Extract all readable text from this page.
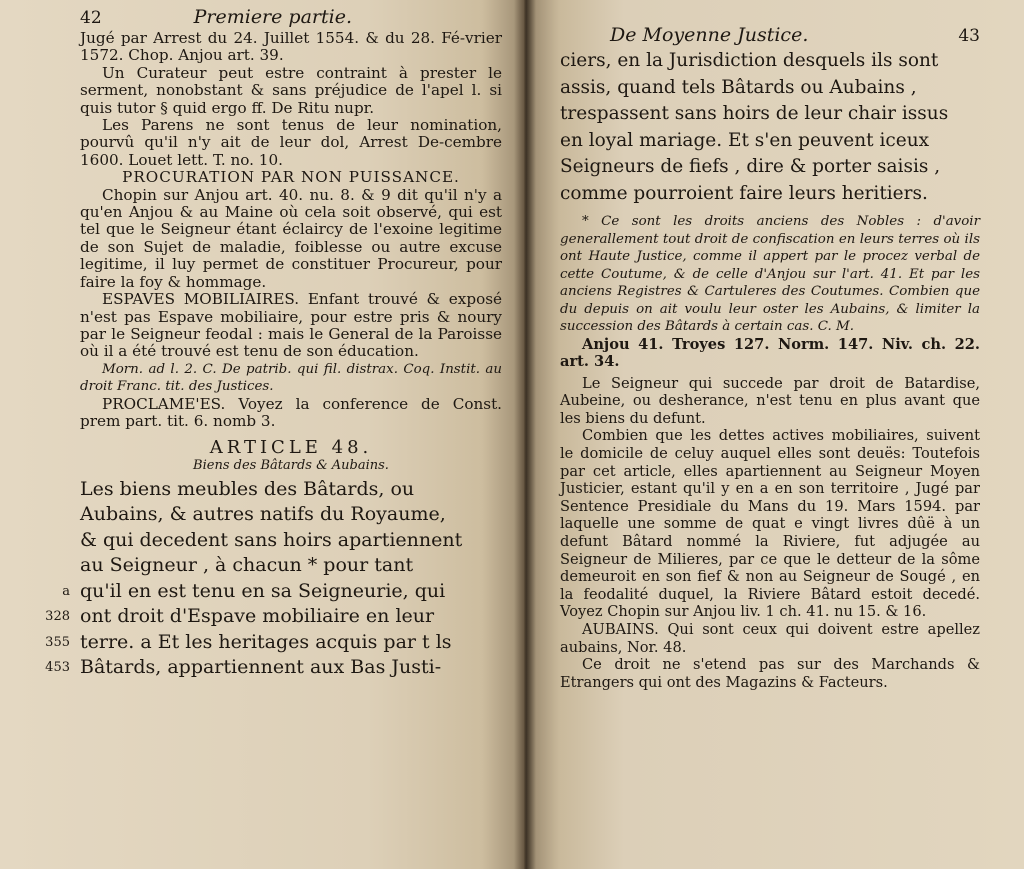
42	Premiere partie.

Jugé par Arrest du 24. Juillet 1554. & du 28. Fé-vrier 1572. Chop. Anjou art. 39.

Un Curateur peut estre contraint à prester le serment, nonobstant & sans préjudice de l'apel l. si quis tutor § quid ergo ff. De Ritu nupr.

Les Parens ne sont tenus de leur nomination, pourvû qu'il n'y ait de leur dol, Arrest De-cembre 1600. Louet lett. T. no. 10.

PROCURATION PAR NON PUISSANCE.

Chopin sur Anjou art. 40. nu. 8. & 9 dit qu'il n'y a qu'en Anjou & au Maine où cela soit observé, qui est tel que le Seigneur étant éclaircy de l'exoine legitime de son Sujet de maladie, foiblesse ou autre excuse legitime, il luy permet de constituer Procureur, pour faire la foy & hommage.

ESPAVES MOBILIAIRES. Enfant trouvé & exposé n'est pas Espave mobiliaire, pour estre pris & noury par le Seigneur feodal : mais le General de la Paroisse où il a été trouvé est tenu de son éducation.

Morn. ad l. 2. C. De patrib. qui fil. distrax. Coq. Instit. au droit Franc. tit. des Justices.

PROCLAME'ES. Voyez la conference de Const. prem part. tit. 6. nomb 3.

ARTICLE 48.
Biens des Bâtards & Aubains.
a
328
355
453

Les biens meubles des Bâtards, ou

Aubains, & autres natifs du Royaume,

& qui decedent sans hoirs apartiennent

au Seigneur , à chacun * pour tant

qu'il en est tenu en sa Seigneurie, qui

ont droit d'Espave mobiliaire en leur

terre. a Et les heritages acquis par t ls

Bâtards, appartiennent aux Bas Justi-

De Moyenne Justice.	43

ciers, en la Jurisdiction desquels ils sont

assis, quand tels Bâtards ou Aubains ,

trespassent sans hoirs de leur chair issus

en loyal mariage. Et s'en peuvent iceux

Seigneurs de fiefs , dire & porter saisis ,

comme pourroient faire leurs heritiers.

* Ce sont les droits anciens des Nobles : d'avoir generallement tout droit de confiscation en leurs terres où ils ont Haute Justice, comme il appert par le procez verbal de cette Coutume, & de celle d'Anjou sur l'art. 41. Et par les anciens Registres & Cartuleres des Coutumes. Combien que du depuis on ait voulu leur oster les Aubains, & limiter la succession des Bâtards à certain cas. C. M.

Anjou 41. Troyes 127. Norm. 147. Niv. ch. 22. art. 34.

Le Seigneur qui succede par droit de Batardise, Aubeine, ou desherance, n'est tenu en plus avant que les biens du defunt.

Combien que les dettes actives mobiliaires, suivent le domicile de celuy auquel elles sont deuës: Toutefois par cet article, elles apartiennent au Seigneur Moyen Justicier, estant qu'il y en a en son territoire , Jugé par Sentence Presidiale du Mans du 19. Mars 1594. par laquelle une somme de quat e vingt livres dûë à un defunt Bâtard nommé la Riviere, fut adjugée au Seigneur de Milieres, par ce que le detteur de la sôme demeuroit en son fief & non au Seigneur de Sougé , en la feodalité duquel, la Riviere Bâtard estoit decedé. Voyez Chopin sur Anjou liv. 1 ch. 41. nu 15. & 16.

AUBAINS. Qui sont ceux qui doivent estre apellez aubains, Nor. 48.

Ce droit ne s'etend pas sur des Marchands & Etrangers qui ont des Magazins & Facteurs.
